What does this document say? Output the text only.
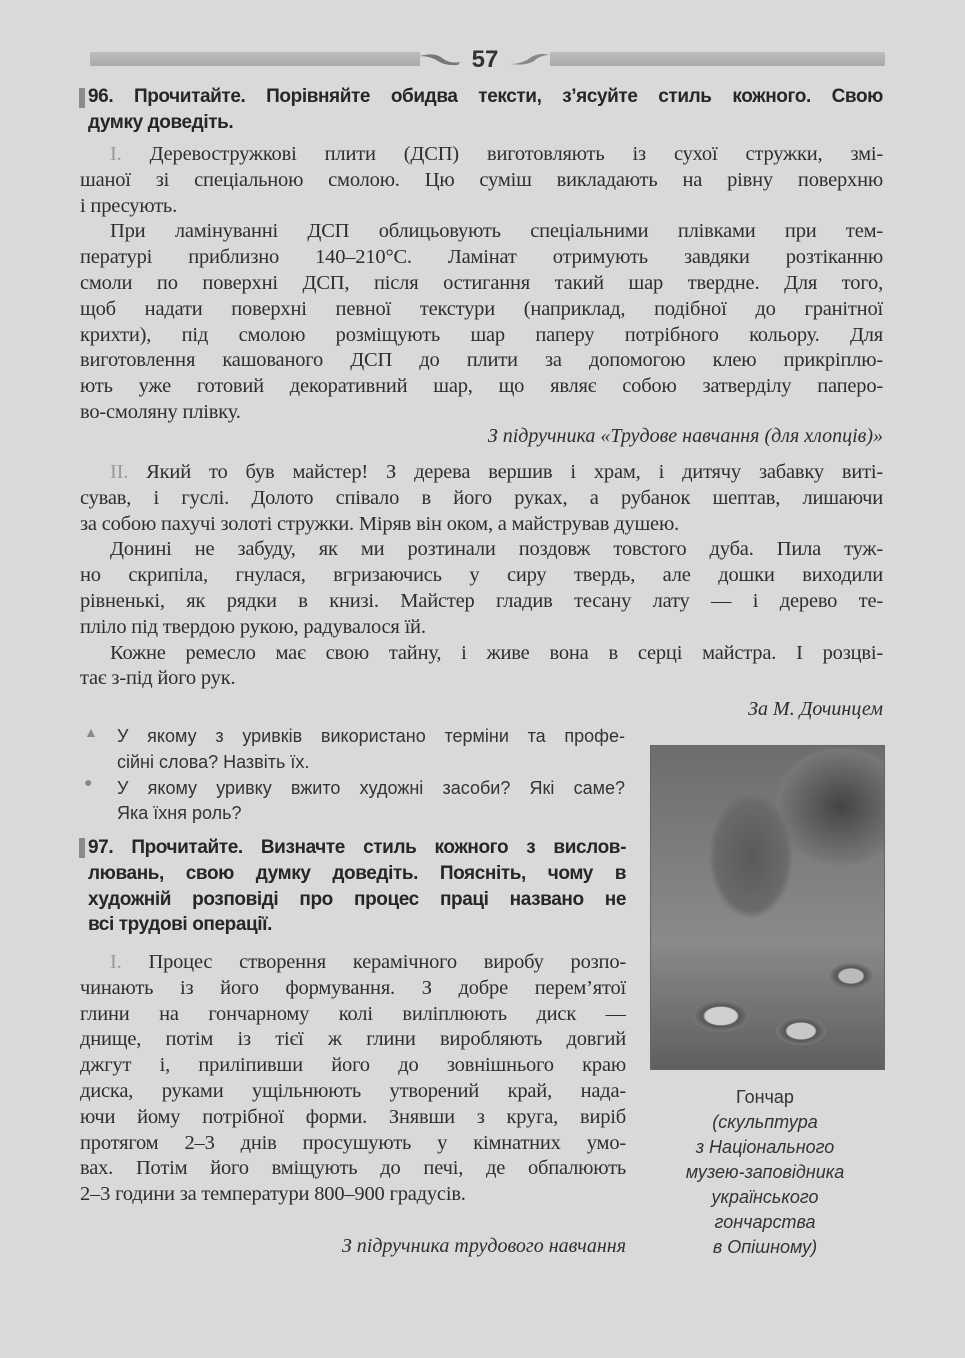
57
96. Прочитайте. Порівняйте обидва тексти, з’ясуйте стиль кожного. Свою
думку доведіть.
I. Деревостружкові плити (ДСП) виготовляють із сухої стружки, змі-
шаної зі спеціальною смолою. Цю суміш викладають на рівну поверхню
і пресують.
При ламінуванні ДСП облицьовують спеціальними плівками при тем-
пературі приблизно 140–210°С. Ламінат отримують завдяки розтіканню
смоли по поверхні ДСП, після остигання такий шар твердне. Для того,
щоб надати поверхні певної текстури (наприклад, подібної до гранітної
крихти), під смолою розміщують шар паперу потрібного кольору. Для
виготовлення кашованого ДСП до плити за допомогою клею прикріплю-
ють уже готовий декоративний шар, що являє собою затверділу паперо-
во-смоляну плівку.
З підручника «Трудове навчання (для хлопців)»
II. Який то був майстер! З дерева вершив і храм, і дитячу забавку виті-
сував, і гуслі. Долото співало в його руках, а рубанок шептав, лишаючи
за собою пахучі золоті стружки. Міряв він оком, а майстрував душею.
Донині не забуду, як ми розтинали поздовж товстого дуба. Пила туж-
но скрипіла, гнулася, вгризаючись у сиру твердь, але дошки виходили
рівненькі, як рядки в книзі. Майстер гладив тесану лату — і дерево те-
пліло під твердою рукою, радувалося їй.
Кожне ремесло має свою тайну, і живе вона в серці майстра. І розцві-
тає з-під його рук.
За М. Дочинцем
▲
●
У якому з уривків використано терміни та профе-
сійні слова? Назвіть їх.
У якому уривку вжито художні засоби? Які саме?
Яка їхня роль?
97. Прочитайте. Визначте стиль кожного з вислов-
лювань, свою думку доведіть. Поясніть, чому в
художній розповіді про процес праці названо не
всі трудові операції.
I. Процес створення керамічного виробу розпо-
чинають із його формування. З добре перем’ятої
глини на гончарному колі виліплюють диск —
днище, потім із тієї ж глини виробляють довгий
джгут і, приліпивши його до зовнішнього краю
диска, руками ущільнюють утворений край, нада-
ючи йому потрібної форми. Знявши з круга, виріб
протягом 2–3 днів просушують у кімнатних умо-
вах. Потім його вміщують до печі, де обпалюють
2–3 години за температури 800–900 градусів.
З підручника трудового навчання
Гончар
(скульптура
з Національного
музею-заповідника
українського
гончарства
в Опішному)
